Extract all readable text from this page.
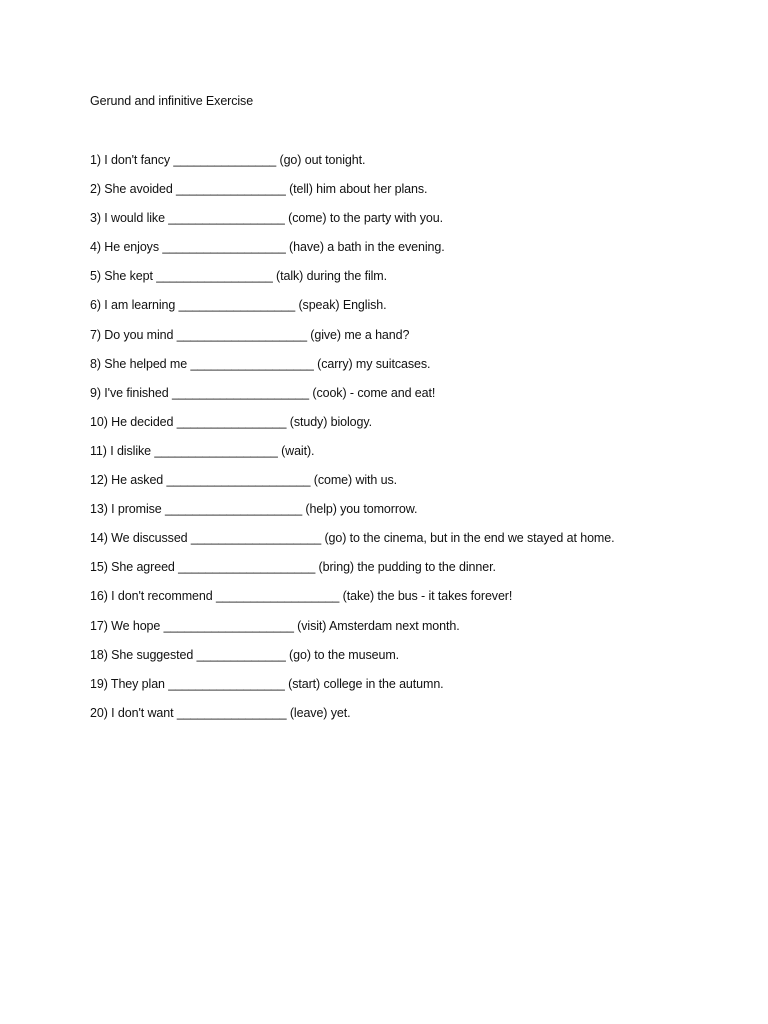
Gerund and infinitive Exercise
1) I don't fancy _______________ (go) out tonight.
2) She avoided ________________ (tell) him about her plans.
3) I would like _________________ (come) to the party with you.
4) He enjoys __________________ (have) a bath in the evening.
5) She kept _________________ (talk) during the film.
6) I am learning _________________ (speak) English.
7) Do you mind ___________________ (give) me a hand?
8) She helped me __________________ (carry) my suitcases.
9) I've finished ____________________ (cook) - come and eat!
10) He decided ________________ (study) biology.
11) I dislike __________________ (wait).
12) He asked _____________________ (come) with us.
13) I promise ____________________ (help) you tomorrow.
14) We discussed ___________________ (go) to the cinema, but in the end we stayed at home.
15) She agreed ____________________ (bring) the pudding to the dinner.
16) I don't recommend __________________ (take) the bus - it takes forever!
17) We hope ___________________ (visit) Amsterdam next month.
18) She suggested _____________ (go) to the museum.
19) They plan _________________ (start) college in the autumn.
20) I don't want ________________ (leave) yet.
